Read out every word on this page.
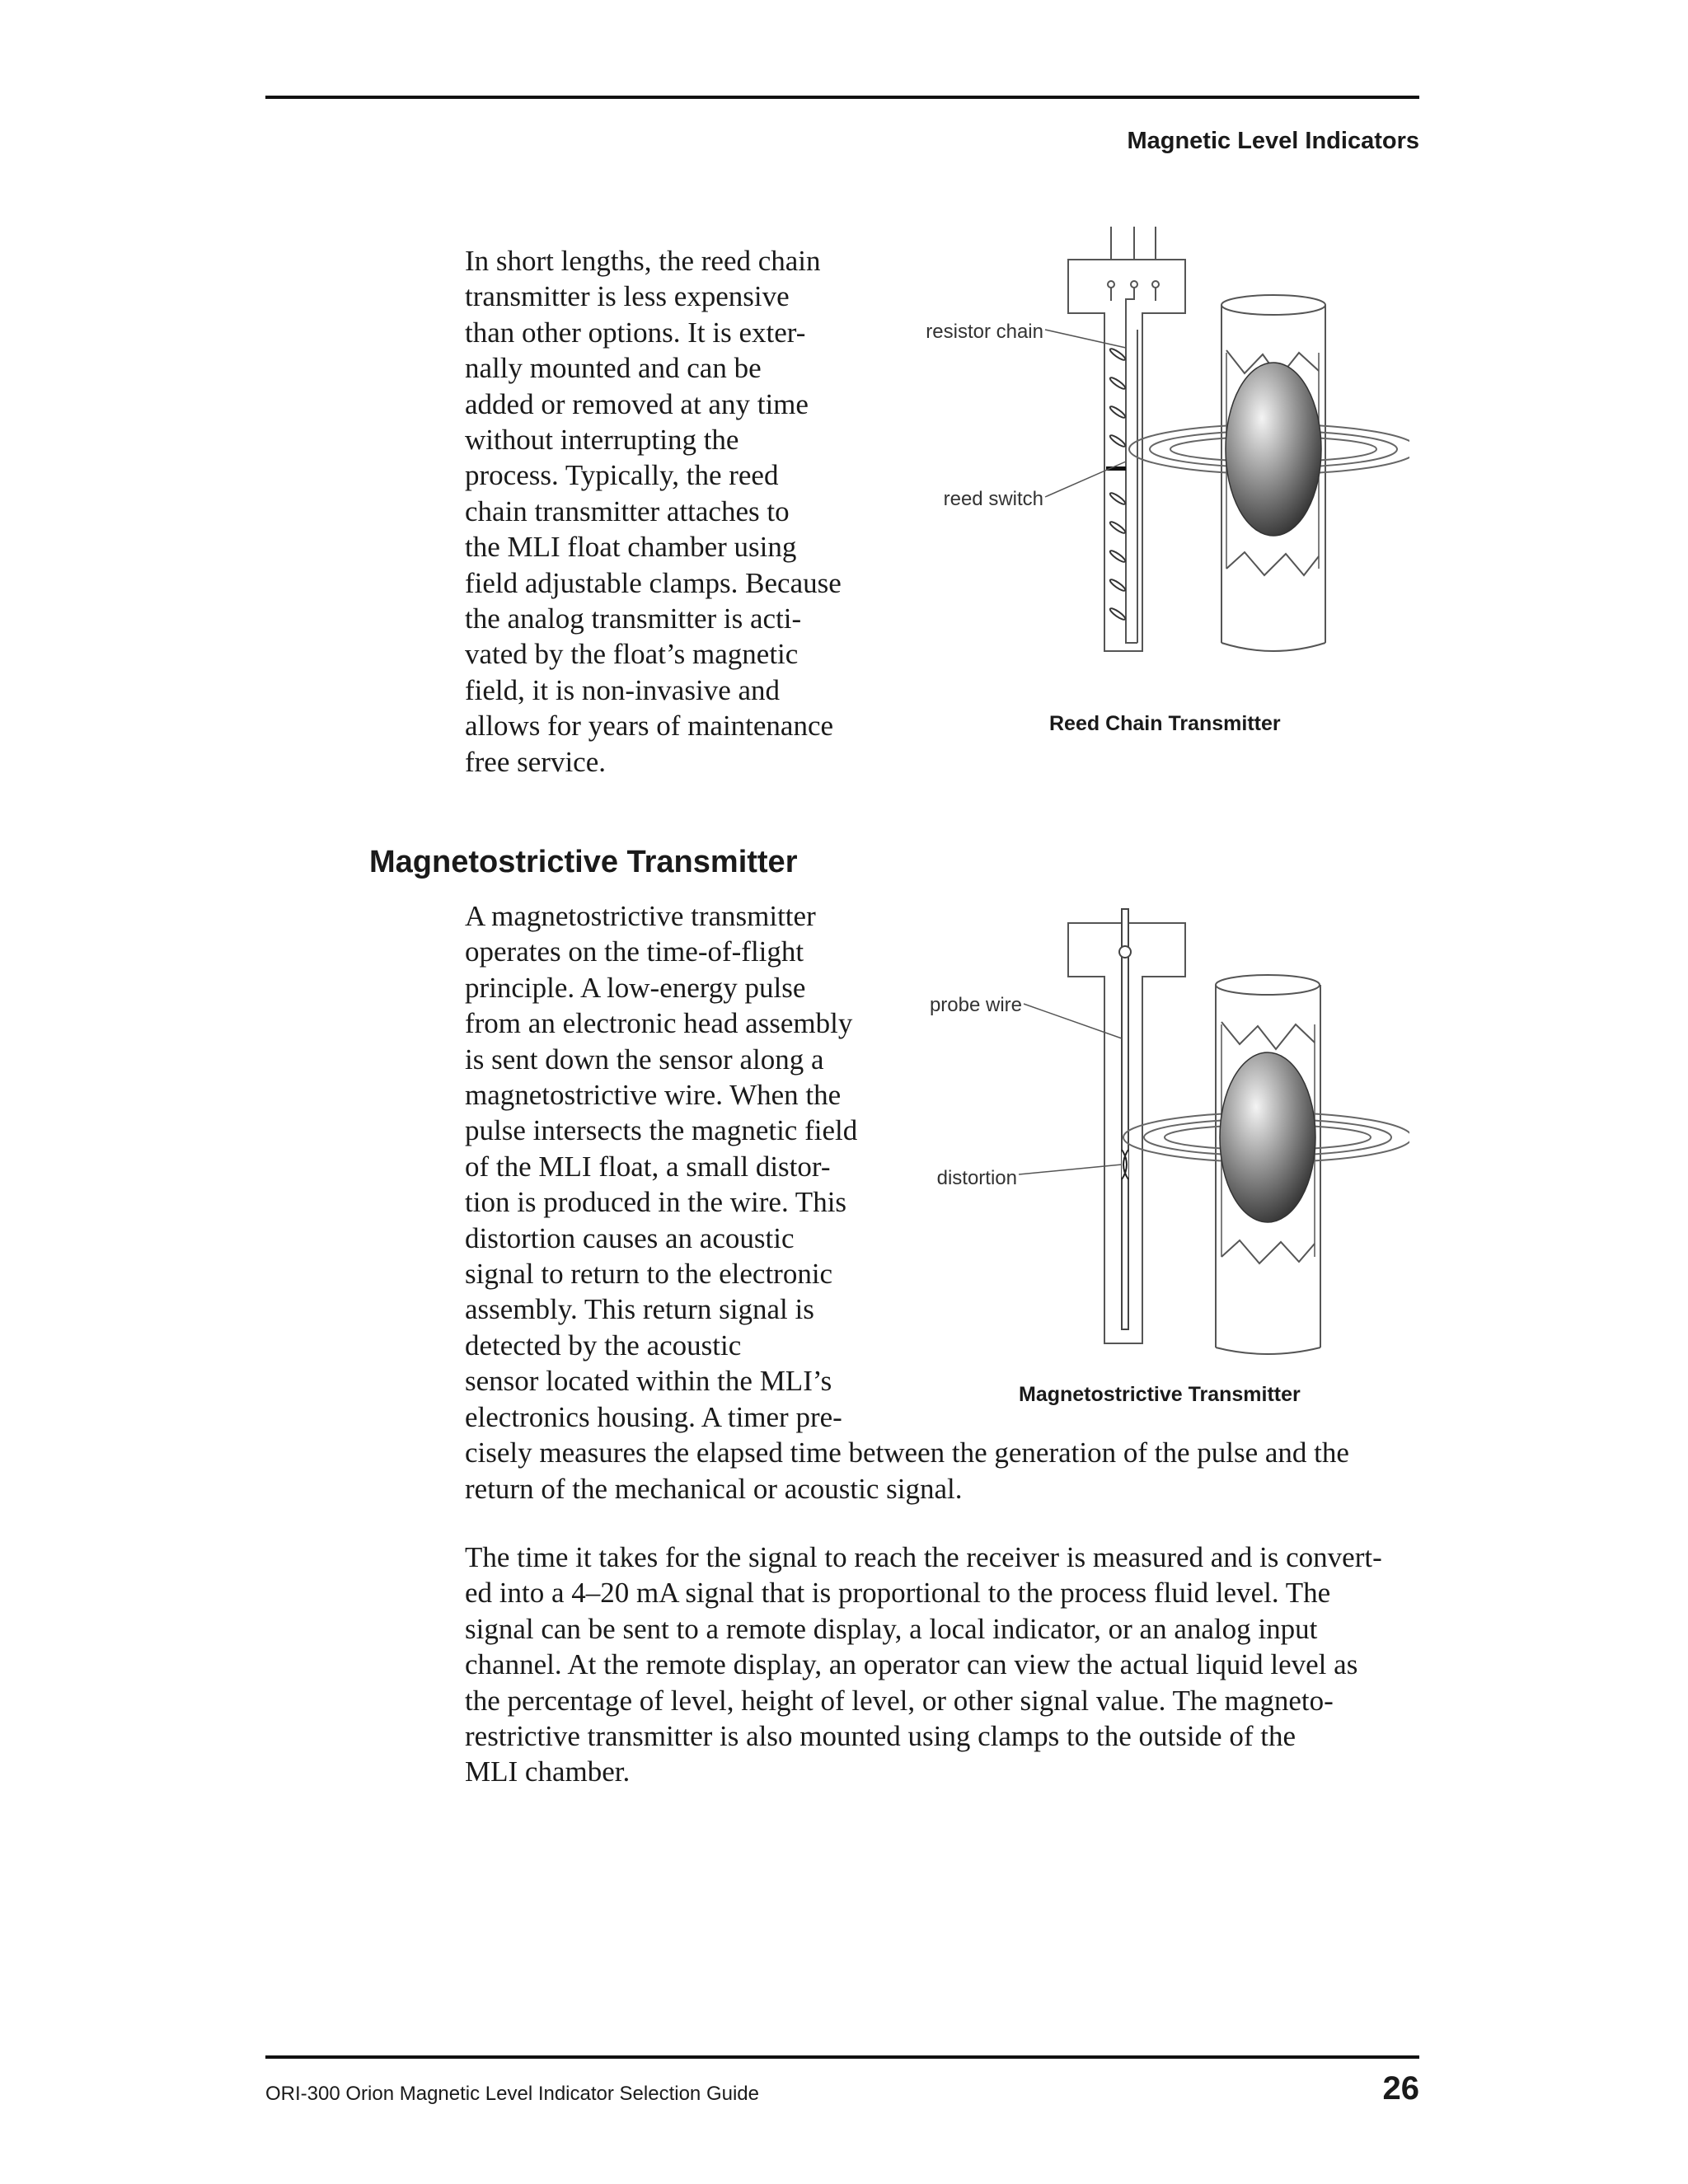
Magnetic Level Indicators

In short lengths, the reed chain
transmitter is less expensive
than other options. It is exter-
nally mounted and can be
added or removed at any time
without interrupting the
process. Typically, the reed
chain transmitter attaches to
the MLI float chamber using
field adjustable clamps. Because
the analog transmitter is acti-
vated by the float’s magnetic
field, it is non-invasive and
allows for years of maintenance
free service.

resistor chain
reed switch
Reed Chain Transmitter
Magnetostrictive Transmitter

A magnetostrictive transmitter
operates on the time-of-flight
principle. A low-energy pulse
from an electronic head assembly
is sent down the sensor along a
magnetostrictive wire. When the
pulse intersects the magnetic field
of the MLI float, a small distor-
tion is produced in the wire. This
distortion causes an acoustic
signal to return to the electronic
assembly. This return signal is
detected by the acoustic
sensor located within the MLI’s
electronics housing. A timer pre-
cisely measures the elapsed time between the generation of the pulse and the
return of the mechanical or acoustic signal.

probe wire
distortion
Magnetostrictive Transmitter

The time it takes for the signal to reach the receiver is measured and is convert-
ed into a 4–20 mA signal that is proportional to the process fluid level. The
signal can be sent to a remote display, a local indicator, or an analog input
channel. At the remote display, an operator can view the actual liquid level as
the percentage of level, height of level, or other signal value. The magneto-
restrictive transmitter is also mounted using clamps to the outside of the
MLI chamber.

ORI-300 Orion Magnetic Level Indicator Selection Guide	26
